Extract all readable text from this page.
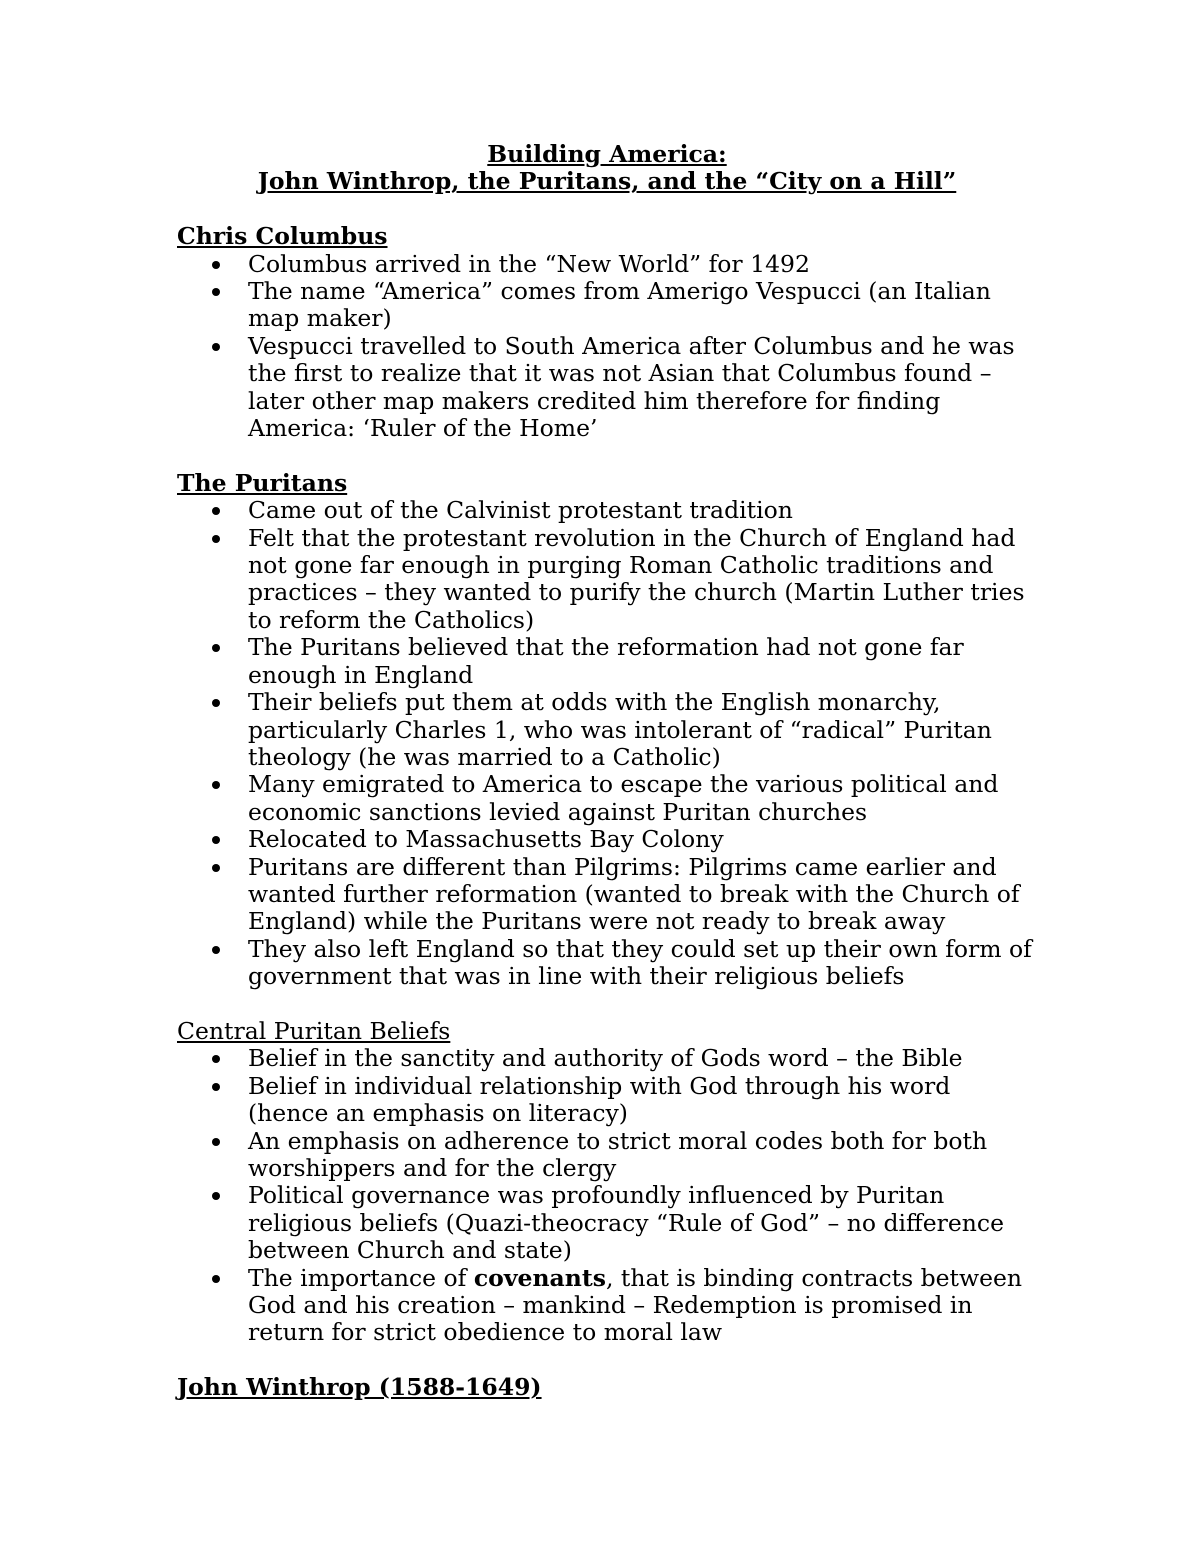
Building America:

John Winthrop, the Puritans, and the “City on a Hill”

Chris Columbus

Columbus arrived in the “New World” for 1492
The name “America” comes from Amerigo Vespucci (an Italian map maker)
Vespucci travelled to South America after Columbus and he was the first to realize that it was not Asian that Columbus found – later other map makers credited him therefore for finding America: ‘Ruler of the Home’

The Puritans

Came out of the Calvinist protestant tradition
Felt that the protestant revolution in the Church of England had not gone far enough in purging Roman Catholic traditions and practices – they wanted to purify the church (Martin Luther tries to reform the Catholics)
The Puritans believed that the reformation had not gone far enough in England
Their beliefs put them at odds with the English monarchy, particularly Charles 1, who was intolerant of “radical” Puritan theology (he was married to a Catholic)
Many emigrated to America to escape the various political and economic sanctions levied against Puritan churches
Relocated to Massachusetts Bay Colony
Puritans are different than Pilgrims: Pilgrims came earlier and wanted further reformation (wanted to break with the Church of England) while the Puritans were not ready to break away
They also left England so that they could set up their own form of government that was in line with their religious beliefs

Central Puritan Beliefs

Belief in the sanctity and authority of Gods word – the Bible
Belief in individual relationship with God through his word (hence an emphasis on literacy)
An emphasis on adherence to strict moral codes both for both worshippers and for the clergy
Political governance was profoundly influenced by Puritan religious beliefs (Quazi-theocracy “Rule of God” – no difference between Church and state)
The importance of covenants, that is binding contracts between God and his creation – mankind – Redemption is promised in return for strict obedience to moral law

John Winthrop (1588-1649)
